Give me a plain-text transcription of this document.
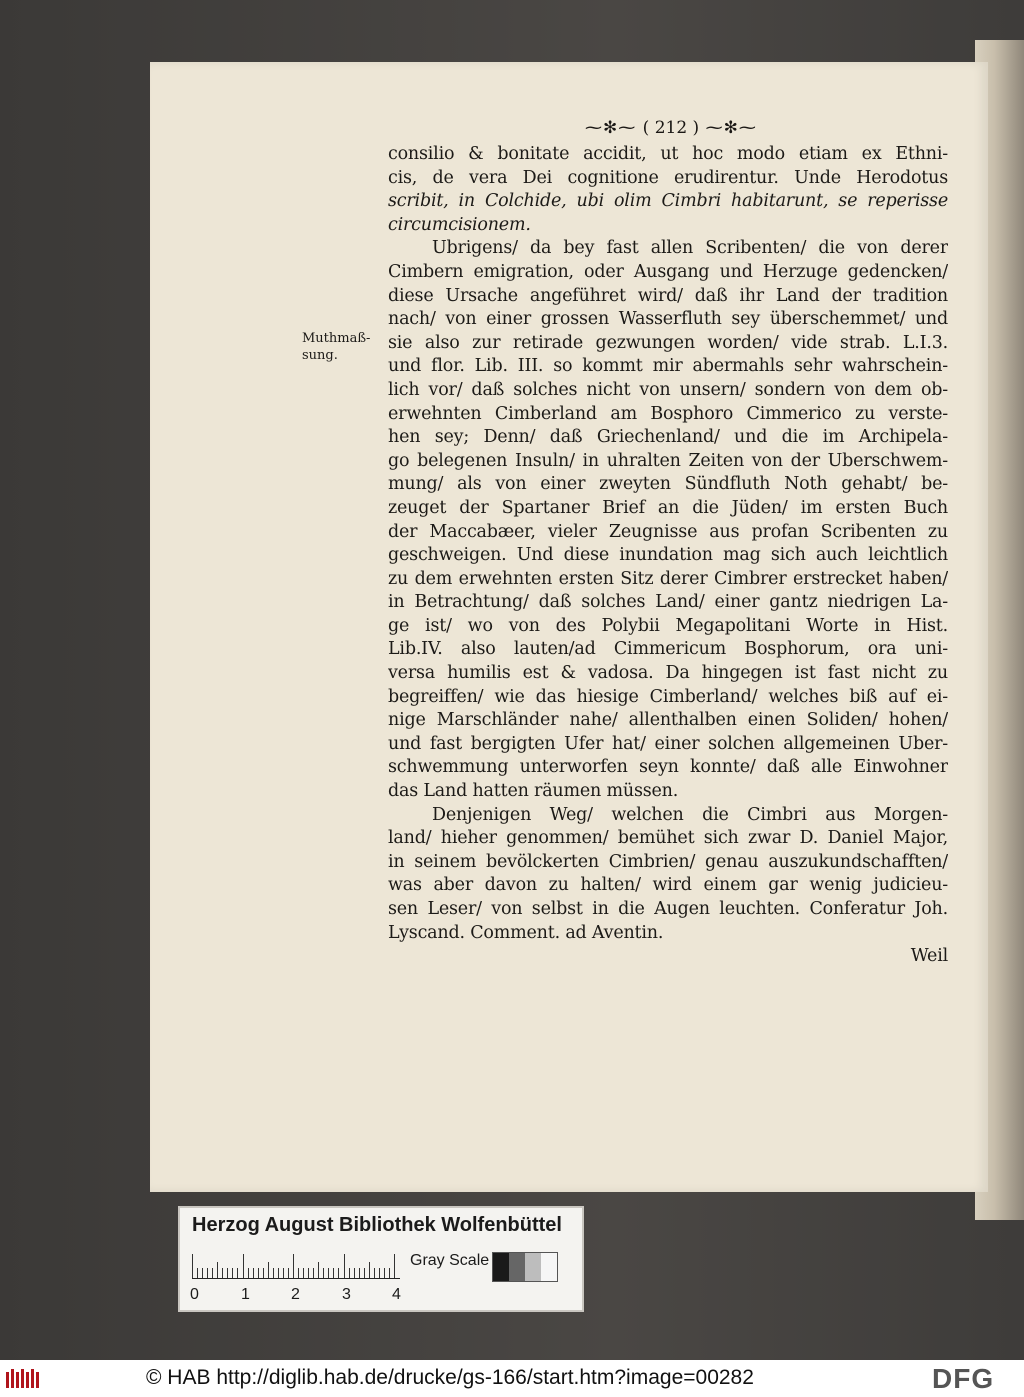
⁓✻⁓ ( 212 ) ⁓✻⁓
Muthmaß-
sung.
consilio & bonitate accidit, ut hoc modo etiam ex Ethni-
cis, de vera Dei cognitione erudirentur. Unde Herodotus
scribit, in Colchide, ubi olim Cimbri habitarunt, se reperisse
circumcisionem.
Ubrigens/ da bey fast allen Scribenten/ die von derer
Cimbern emigration, oder Ausgang und Herzuge gedencken/
diese Ursache angeführet wird/ daß ihr Land der tradition
nach/ von einer grossen Wasserfluth sey überschemmet/ und
sie also zur retirade gezwungen worden/ vide strab. L.I.3.
und flor. Lib. III. so kommt mir abermahls sehr wahrschein-
lich vor/ daß solches nicht von unsern/ sondern von dem ob-
erwehnten Cimberland am Bosphoro Cimmerico zu verste-
hen sey; Denn/ daß Griechenland/ und die im Archipela-
go belegenen Insuln/ in uhralten Zeiten von der Uberschwem-
mung/ als von einer zweyten Sündfluth Noth gehabt/ be-
zeuget der Spartaner Brief an die Jüden/ im ersten Buch
der Maccabæer, vieler Zeugnisse aus profan Scribenten zu
geschweigen. Und diese inundation mag sich auch leichtlich
zu dem erwehnten ersten Sitz derer Cimbrer erstrecket haben/
in Betrachtung/ daß solches Land/ einer gantz niedrigen La-
ge ist/ wo von des Polybii Megapolitani Worte in Hist.
Lib.IV. also lauten/ad Cimmericum Bosphorum, ora uni-
versa humilis est & vadosa. Da hingegen ist fast nicht zu
begreiffen/ wie das hiesige Cimberland/ welches biß auf ei-
nige Marschländer nahe/ allenthalben einen Soliden/ hohen/
und fast bergigten Ufer hat/ einer solchen allgemeinen Uber-
schwemmung unterworfen seyn konnte/ daß alle Einwohner
das Land hatten räumen müssen.
Denjenigen Weg/ welchen die Cimbri aus Morgen-
land/ hieher genommen/ bemühet sich zwar D. Daniel Major,
in seinem bevölckerten Cimbrien/ genau auszukundschafften/
was aber davon zu halten/ wird einem gar wenig judicieu-
sen Leser/ von selbst in die Augen leuchten. Conferatur Joh.
Lyscand. Comment. ad Aventin.
Weil
Herzog August Bibliothek Wolfenbüttel
Gray Scale
0	1	2	3	4
© HAB http://diglib.hab.de/drucke/gs-166/start.htm?image=00282	DFG
